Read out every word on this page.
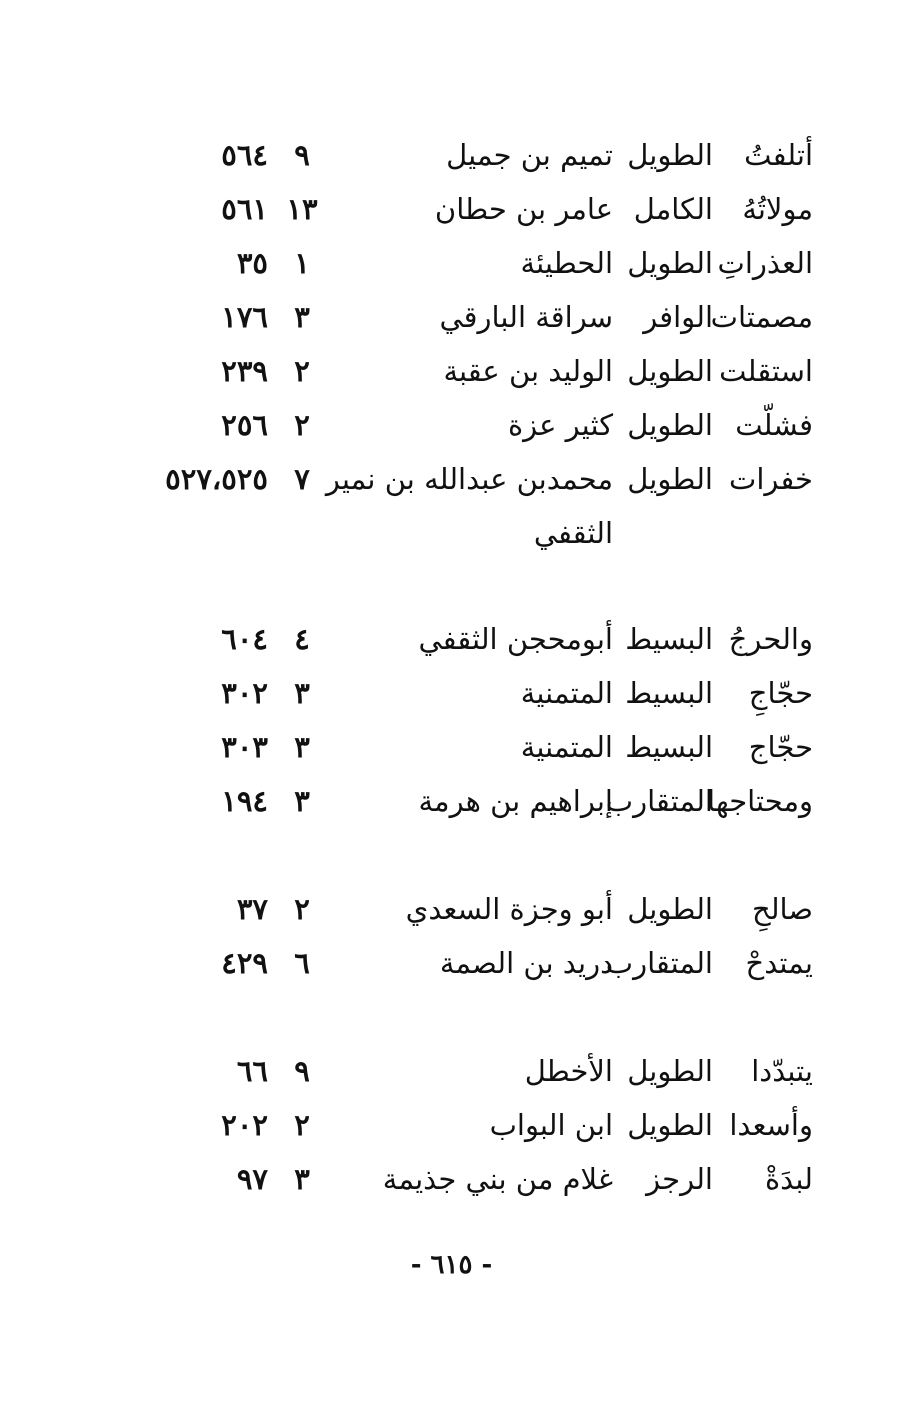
أتلفتُ
الطويل
تميم بن جميل
٩
٥٦٤
مولاتُهُ
الكامل
عامر بن حطان
١٣
٥٦١
العذراتِ
الطويل
الحطيئة
١
٣٥
مصمتات
الوافر
سراقة البارقي
٣
١٧٦
استقلت
الطويل
الوليد بن عقبة
٢
٢٣٩
فشلّت
الطويل
كثير عزة
٢
٢٥٦
خفرات
الطويل
محمدبن عبدالله بن نمير
الثقفي
٧
٥٢٧،٥٢٥
والحرجُ
البسيط
أبومحجن الثقفي
٤
٦٠٤
حجّاجِ
البسيط
المتمنية
٣
٣٠٢
حجّاج
البسيط
المتمنية
٣
٣٠٣
ومحتاجها
المتقارب
إبراهيم بن هرمة
٣
١٩٤
صالحِ
الطويل
أبو وجزة السعدي
٢
٣٧
يمتدحْ
المتقارب
دريد بن الصمة
٦
٤٢٩
يتبدّدا
الطويل
الأخطل
٩
٦٦
وأسعدا
الطويل
ابن البواب
٢
٢٠٢
لبدَةْ
الرجز
غلام من بني جذيمة
٣
٩٧
- ٦١٥ -
